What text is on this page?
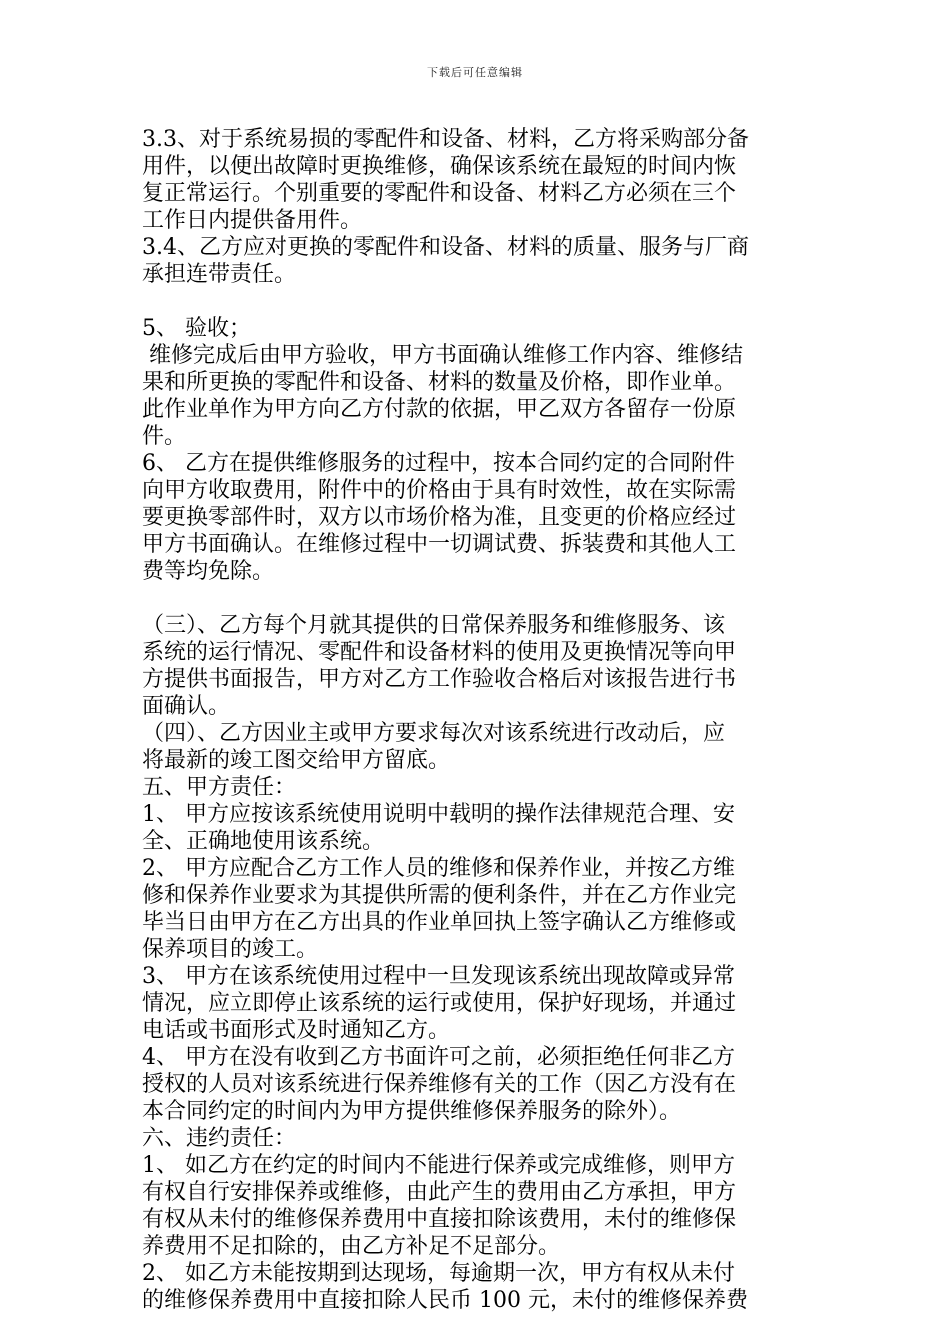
下载后可任意编辑
3.3、对于系统易损的零配件和设备、材料，乙方将采购部分备
用件，以便出故障时更换维修，确保该系统在最短的时间内恢
复正常运行。个别重要的零配件和设备、材料乙方必须在三个
工作日内提供备用件。
3.4、乙方应对更换的零配件和设备、材料的质量、服务与厂商
承担连带责任。
5、 验收；
维修完成后由甲方验收，甲方书面确认维修工作内容、维修结
果和所更换的零配件和设备、材料的数量及价格，即作业单。
此作业单作为甲方向乙方付款的依据，甲乙双方各留存一份原
件。
6、 乙方在提供维修服务的过程中，按本合同约定的合同附件
向甲方收取费用，附件中的价格由于具有时效性，故在实际需
要更换零部件时，双方以市场价格为准，且变更的价格应经过
甲方书面确认。在维修过程中一切调试费、拆装费和其他人工
费等均免除。
（三）、乙方每个月就其提供的日常保养服务和维修服务、该
系统的运行情况、零配件和设备材料的使用及更换情况等向甲
方提供书面报告，甲方对乙方工作验收合格后对该报告进行书
面确认。
（四）、乙方因业主或甲方要求每次对该系统进行改动后，应
将最新的竣工图交给甲方留底。
五、甲方责任：
1、 甲方应按该系统使用说明中载明的操作法律规范合理、安
全、正确地使用该系统。
2、 甲方应配合乙方工作人员的维修和保养作业，并按乙方维
修和保养作业要求为其提供所需的便利条件，并在乙方作业完
毕当日由甲方在乙方出具的作业单回执上签字确认乙方维修或
保养项目的竣工。
3、 甲方在该系统使用过程中一旦发现该系统出现故障或异常
情况，应立即停止该系统的运行或使用，保护好现场，并通过
电话或书面形式及时通知乙方。
4、 甲方在没有收到乙方书面许可之前，必须拒绝任何非乙方
授权的人员对该系统进行保养维修有关的工作（因乙方没有在
本合同约定的时间内为甲方提供维修保养服务的除外）。
六、违约责任：
1、 如乙方在约定的时间内不能进行保养或完成维修，则甲方
有权自行安排保养或维修，由此产生的费用由乙方承担，甲方
有权从未付的维修保养费用中直接扣除该费用，未付的维修保
养费用不足扣除的，由乙方补足不足部分。
2、 如乙方未能按期到达现场，每逾期一次，甲方有权从未付
的维修保养费用中直接扣除人民币 100 元，未付的维修保养费
